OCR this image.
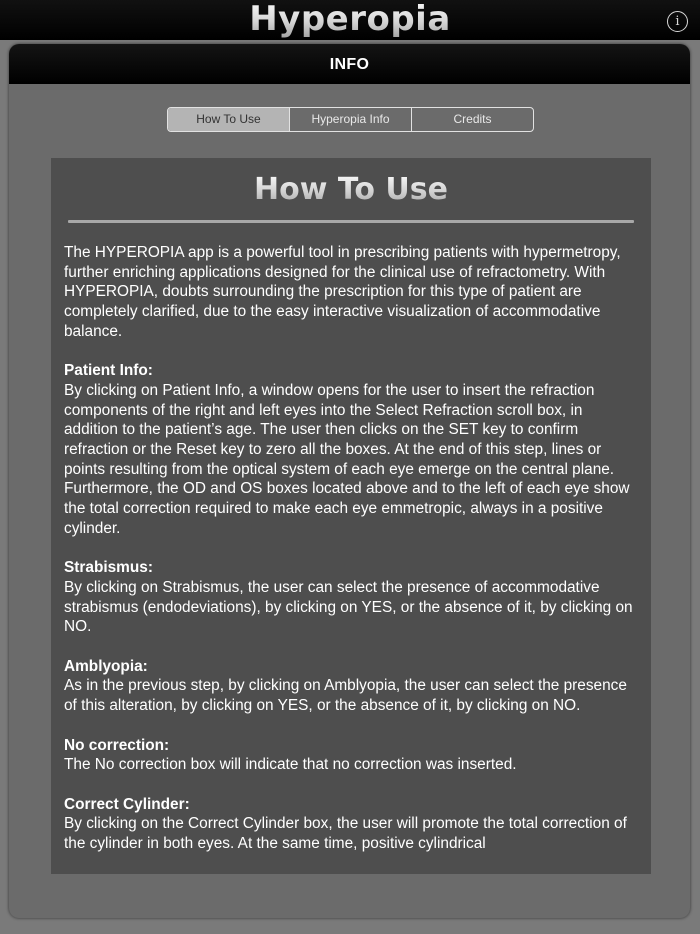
Hyperopia	i
INFO
How To Use	Hyperopia Info	Credits
How To Use

The HYPEROPIA app is a powerful tool in prescribing patients with hypermetropy, further enriching applications designed for the clinical use of refractometry. With HYPEROPIA, doubts surrounding the prescription for this type of patient are completely clarified, due to the easy interactive visualization of accommodative balance.

Patient Info:
By clicking on Patient Info, a window opens for the user to insert the refraction components of the right and left eyes into the Select Refraction scroll box, in addition to the patient’s age. The user then clicks on the SET key to confirm refraction or the Reset key to zero all the boxes. At the end of this step, lines or points resulting from the optical system of each eye emerge on the central plane. Furthermore, the OD and OS boxes located above and to the left of each eye show the total correction required to make each eye emmetropic, always in a positive cylinder.

Strabismus:
By clicking on Strabismus, the user can select the presence of accommodative strabismus (endodeviations), by clicking on YES, or the absence of it, by clicking on NO.

Amblyopia:
As in the previous step, by clicking on Amblyopia, the user can select the presence of this alteration, by clicking on YES, or the absence of it, by clicking on NO.

No correction:
The No correction box will indicate that no correction was inserted.

Correct Cylinder:
By clicking on the Correct Cylinder box, the user will promote the total correction of the cylinder in both eyes. At the same time, positive cylindrical
